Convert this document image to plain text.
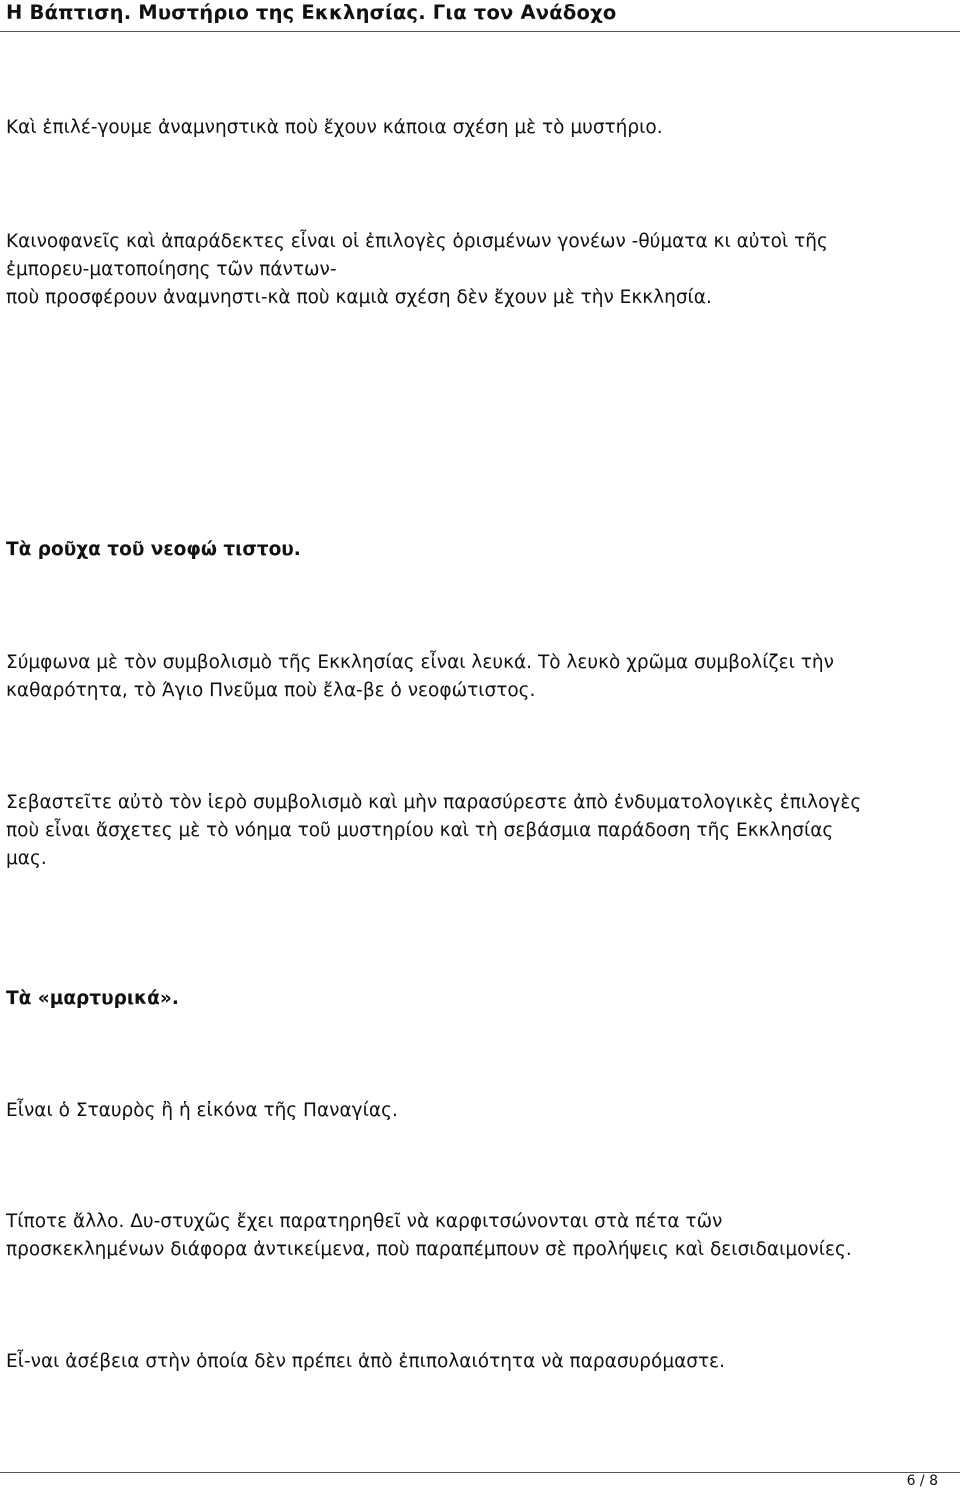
Η Βάπτιση. Μυστήριο της Εκκλησίας. Για τον Ανάδοχο
Καὶ ἐπιλέ-γουμε ἀναμνηστικὰ ποὺ ἔχουν κάποια σχέση μὲ τὸ μυστήριο.
Καινοφανεῖς καὶ ἀπαράδεκτες εἶναι οἱ ἐπιλογὲς ὁρισμένων γονέων -θύματα κι αὐτοὶ τῆς
ἐμπορευ-ματοποίησης τῶν πάντων-
ποὺ προσφέρουν ἀναμνηστι-κὰ ποὺ καμιὰ σχέση δὲν ἔχουν μὲ τὴν Εκκλησία.
Τὰ ροῦχα τοῦ νεοφώ τιστου.
Σύμφωνα μὲ τὸν συμβολισμὸ τῆς Εκκλησίας εἶναι λευκά. Τὸ λευκὸ χρῶμα συμβολίζει τὴν
καθαρότητα, τὸ Άγιο Πνεῦμα ποὺ ἔλα-βε ὁ νεοφώτιστος.
Σεβαστεῖτε αὐτὸ τὸν ἱερὸ συμβολισμὸ καὶ μὴν παρασύρεστε ἀπὸ ἐνδυματολογικὲς ἐπιλογὲς
ποὺ εἶναι ἄσχετες μὲ τὸ νόημα τοῦ μυστηρίου καὶ τὴ σεβάσμια παράδοση τῆς Εκκλησίας
μας.
Τὰ «μαρτυρικά».
Εἶναι ὁ Σταυρὸς ἢ ἡ εἰκόνα τῆς Παναγίας.
Τίποτε ἄλλο. Δυ-στυχῶς ἔχει παρατηρηθεῖ νὰ καρφιτσώνονται στὰ πέτα τῶν
προσκεκλημένων διάφορα ἀντικείμενα, ποὺ παραπέμπουν σὲ προλήψεις καὶ δεισιδαιμονίες.
Εἶ-ναι ἀσέβεια στὴν ὁποία δὲν πρέπει ἀπὸ ἐπιπολαιότητα νὰ παρασυρόμαστε.
6 / 8
